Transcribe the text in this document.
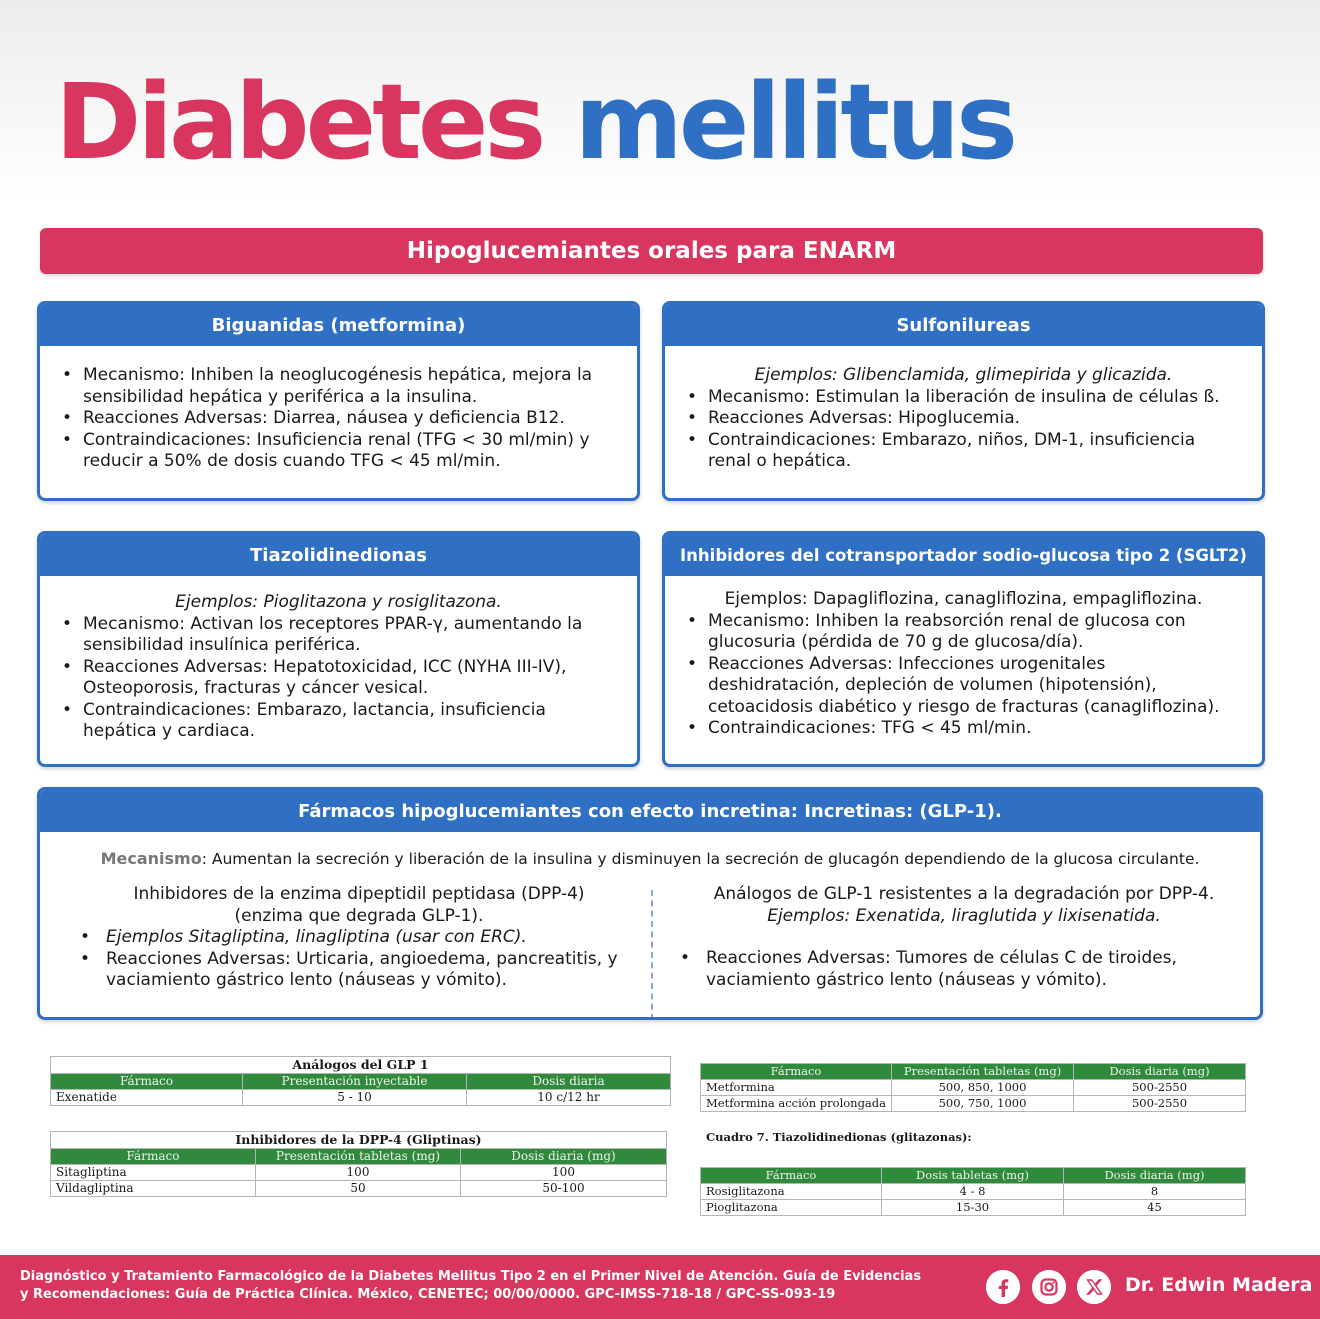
Diabetes mellitus
Hipoglucemiantes orales para ENARM
Biguanidas (metformina)
• Mecanismo: Inhiben la neoglucogénesis hepática, mejora la sensibilidad hepática y periférica a la insulina.
• Reacciones Adversas: Diarrea, náusea y deficiencia B12.
• Contraindicaciones: Insuficiencia renal (TFG < 30 ml/min) y reducir a 50% de dosis cuando TFG < 45 ml/min.
Sulfonilureas
Ejemplos: Glibenclamida, glimepirida y glicazida.
• Mecanismo: Estimulan la liberación de insulina de células ß.
• Reacciones Adversas: Hipoglucemia.
• Contraindicaciones: Embarazo, niños, DM-1, insuficiencia renal o hepática.
Tiazolidinedionas
Ejemplos: Pioglitazona y rosiglitazona.
• Mecanismo: Activan los receptores PPAR-γ, aumentando la sensibilidad insulínica periférica.
• Reacciones Adversas: Hepatotoxicidad, ICC (NYHA III-IV), Osteoporosis, fracturas y cáncer vesical.
• Contraindicaciones: Embarazo, lactancia, insuficiencia hepática y cardiaca.
Inhibidores del cotransportador sodio-glucosa tipo 2 (SGLT2)
Ejemplos: Dapagliflozina, canagliflozina, empagliflozina.
• Mecanismo: Inhiben la reabsorción renal de glucosa con glucosuria (pérdida de 70 g de glucosa/día).
• Reacciones Adversas: Infecciones urogenitales deshidratación, depleción de volumen (hipotensión), cetoacidosis diabético y riesgo de fracturas (canagliflozina).
• Contraindicaciones: TFG < 45 ml/min.
Fármacos hipoglucemiantes con efecto incretina: Incretinas: (GLP-1).
Mecanismo: Aumentan la secreción y liberación de la insulina y disminuyen la secreción de glucagón dependiendo de la glucosa circulante.
Inhibidores de la enzima dipeptidil peptidasa (DPP-4)
(enzima que degrada GLP-1).
• Ejemplos Sitagliptina, linagliptina (usar con ERC).
• Reacciones Adversas: Urticaria, angioedema, pancreatitis, y vaciamiento gástrico lento (náuseas y vómito).
Análogos de GLP-1 resistentes a la degradación por DPP-4.
Ejemplos: Exenatida, liraglutida y lixisenatida.
• Reacciones Adversas: Tumores de células C de tiroides, vaciamiento gástrico lento (náuseas y vómito).
Análogos del GLP 1
Fármaco	Presentación inyectable	Dosis diaria
Exenatide	5 - 10	10 c/12 hr
Inhibidores de la DPP-4 (Gliptinas)
Fármaco	Presentación tabletas (mg)	Dosis diaria (mg)
Sitagliptina	100	100
Vildagliptina	50	50-100
Fármaco	Presentación tabletas (mg)	Dosis diaria (mg)
Metformina	500, 850, 1000	500-2550
Metformina acción prolongada	500, 750, 1000	500-2550
Cuadro 7. Tiazolidinedionas (glitazonas):
Fármaco	Dosis tabletas (mg)	Dosis diaria (mg)
Rosiglitazona	4 - 8	8
Pioglitazona	15-30	45
Diagnóstico y Tratamiento Farmacológico de la Diabetes Mellitus Tipo 2 en el Primer Nivel de Atención. Guía de Evidencias
y Recomendaciones: Guía de Práctica Clínica. México, CENETEC; 00/00/0000. GPC-IMSS-718-18 / GPC-SS-093-19	Dr. Edwin Madera
